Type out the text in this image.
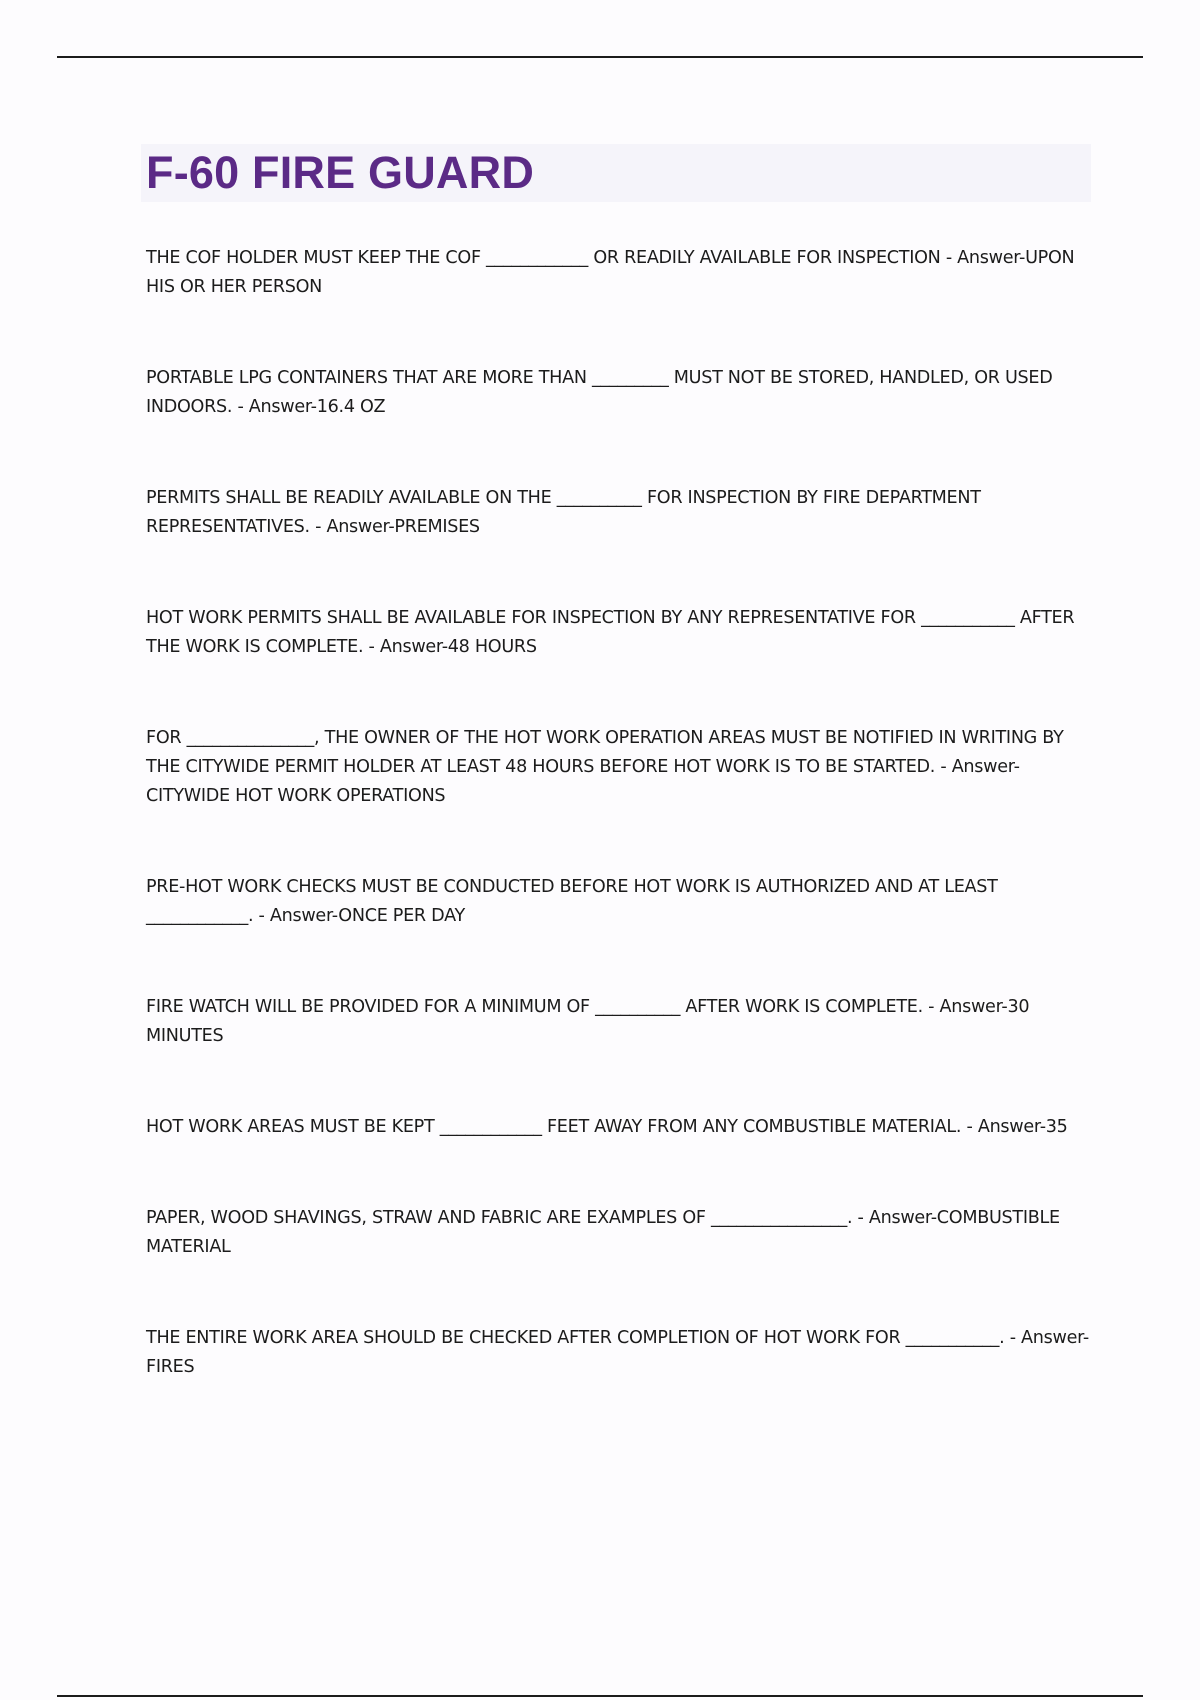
F-60 FIRE GUARD
THE COF HOLDER MUST KEEP THE COF ____________ OR READILY AVAILABLE FOR INSPECTION - Answer-UPON HIS OR HER PERSON
PORTABLE LPG CONTAINERS THAT ARE MORE THAN _________ MUST NOT BE STORED, HANDLED, OR USED INDOORS. - Answer-16.4 OZ
PERMITS SHALL BE READILY AVAILABLE ON THE __________ FOR INSPECTION BY FIRE DEPARTMENT REPRESENTATIVES. - Answer-PREMISES
HOT WORK PERMITS SHALL BE AVAILABLE FOR INSPECTION BY ANY REPRESENTATIVE FOR ___________ AFTER THE WORK IS COMPLETE. - Answer-48 HOURS
FOR _______________, THE OWNER OF THE HOT WORK OPERATION AREAS MUST BE NOTIFIED IN WRITING BY THE CITYWIDE PERMIT HOLDER AT LEAST 48 HOURS BEFORE HOT WORK IS TO BE STARTED. - Answer-CITYWIDE HOT WORK OPERATIONS
PRE-HOT WORK CHECKS MUST BE CONDUCTED BEFORE HOT WORK IS AUTHORIZED AND AT LEAST ____________. - Answer-ONCE PER DAY
FIRE WATCH WILL BE PROVIDED FOR A MINIMUM OF __________ AFTER WORK IS COMPLETE. - Answer-30 MINUTES
HOT WORK AREAS MUST BE KEPT ____________ FEET AWAY FROM ANY COMBUSTIBLE MATERIAL. - Answer-35
PAPER, WOOD SHAVINGS, STRAW AND FABRIC ARE EXAMPLES OF ________________. - Answer-COMBUSTIBLE MATERIAL
THE ENTIRE WORK AREA SHOULD BE CHECKED AFTER COMPLETION OF HOT WORK FOR ___________. - Answer-FIRES
